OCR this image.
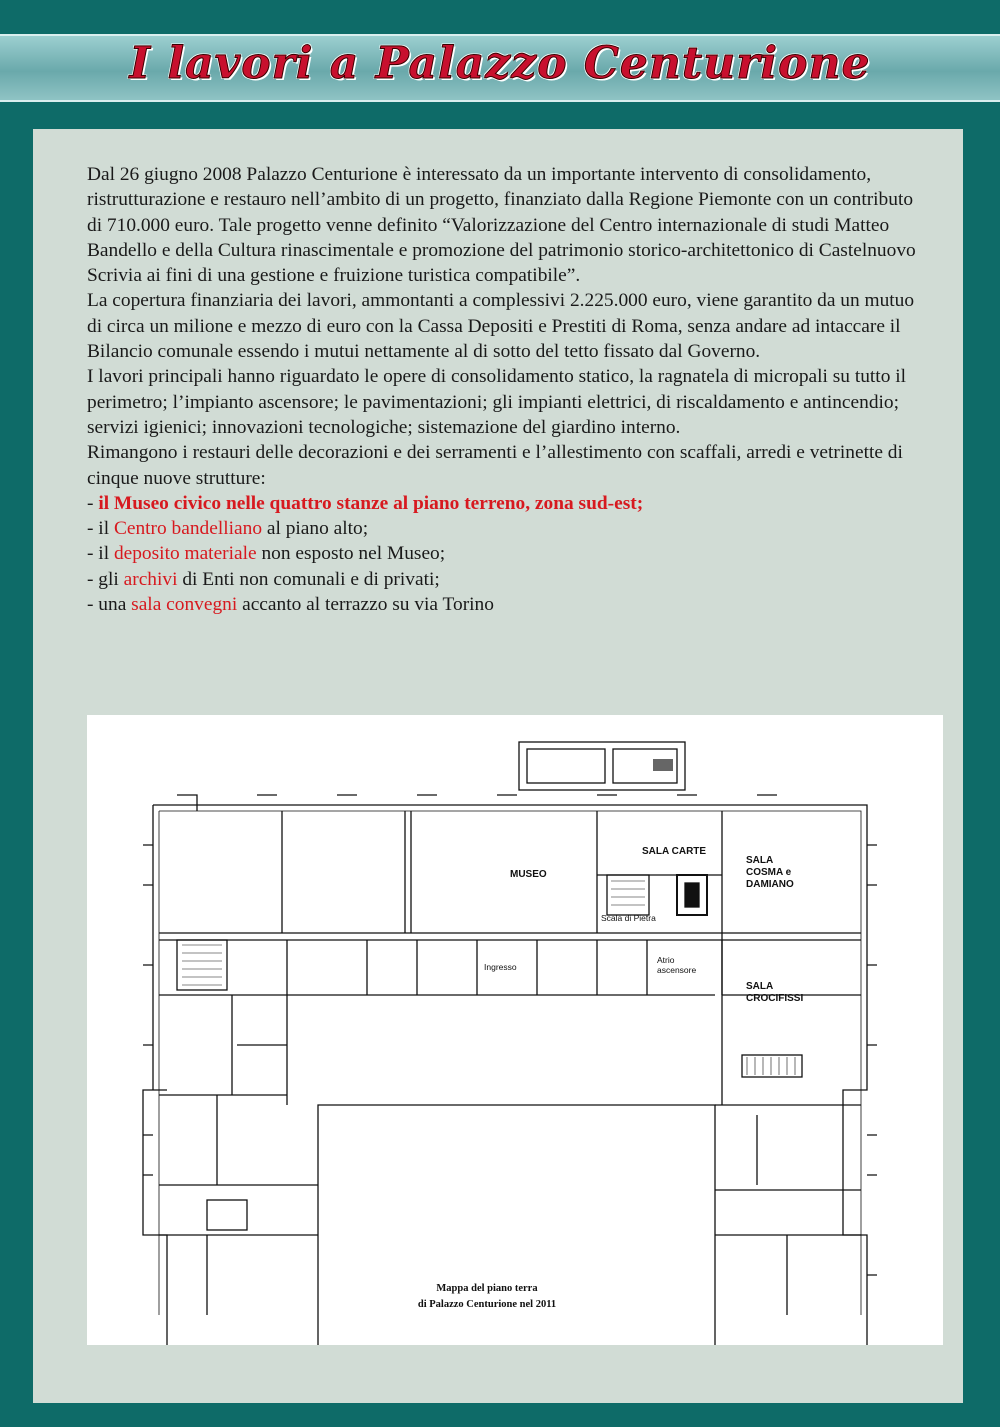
I lavori a Palazzo Centurione

Dal 26 giugno 2008 Palazzo Centurione è interessato da un importante intervento di consolidamento, ristrutturazione e restauro nell’ambito di un progetto, finanziato dalla Regione Piemonte con un contributo di 710.000 euro. Tale progetto venne definito “Valorizzazione del Centro internazionale di studi Matteo Bandello e della Cultura rinascimentale e promozione del patrimonio storico-architettonico di Castelnuovo Scrivia ai fini di una gestione e fruizione turistica compatibile”.

La copertura finanziaria dei lavori, ammontanti a complessivi 2.225.000 euro, viene garantito da un mutuo di circa un milione e mezzo di euro con la Cassa Depositi e Prestiti di Roma, senza andare ad intaccare il Bilancio comunale essendo i mutui nettamente al di sotto del tetto fissato dal Governo.

I lavori principali hanno riguardato le opere di consolidamento statico, la ragnatela di micropali su tutto il perimetro; l’impianto ascensore; le pavimentazioni; gli impianti elettrici, di riscaldamento e antincendio; servizi igienici; innovazioni tecnologiche; sistemazione del giardino interno.

Rimangono i restauri delle decorazioni e dei serramenti e l’allestimento con scaffali, arredi e vetrinette di cinque nuove strutture:

- il Museo civico nelle quattro stanze al piano terreno, zona sud-est;

- il Centro bandelliano al piano alto;

- il deposito materiale non esposto nel Museo;

- gli archivi di Enti non comunali e di privati;

- una sala convegni accanto al terrazzo su via Torino

MUSEO
SALA CARTE
SALA
COSMA e
DAMIANO
Scala di Pietra
Ingresso
Atrio
ascensore
SALA
CROCIFISSI
Mappa del piano terra
di Palazzo Centurione nel 2011
